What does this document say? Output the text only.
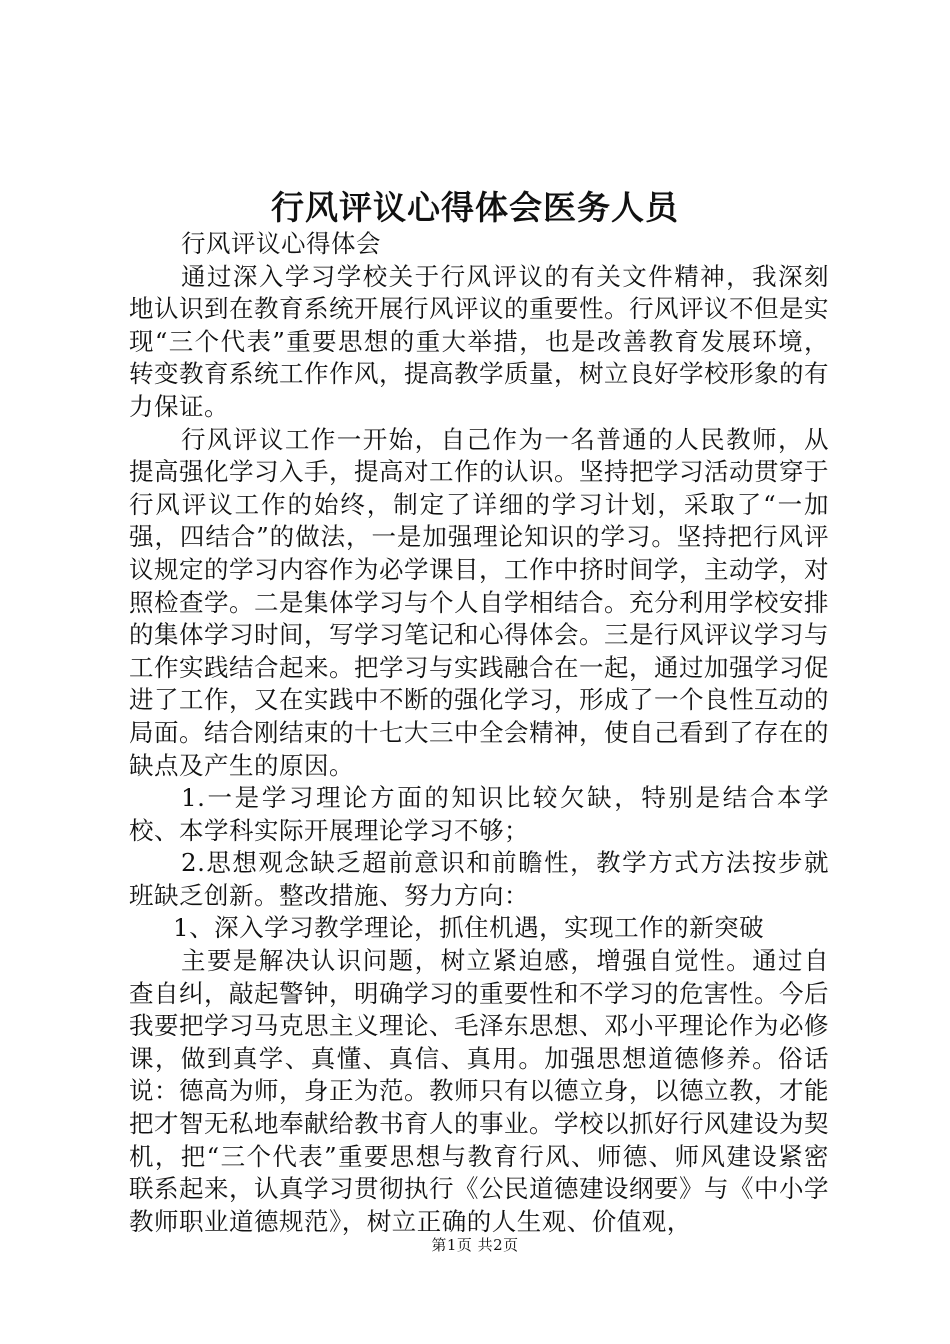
行风评议心得体会医务人员

行风评议心得体会

通过深入学习学校关于行风评议的有关文件精神，我深刻地认识到在教育系统开展行风评议的重要性。行风评议不但是实现“三个代表”重要思想的重大举措，也是改善教育发展环境，转变教育系统工作作风，提高教学质量，树立良好学校形象的有力保证。

行风评议工作一开始，自己作为一名普通的人民教师，从提高强化学习入手，提高对工作的认识。坚持把学习活动贯穿于行风评议工作的始终，制定了详细的学习计划，采取了“一加强，四结合”的做法，一是加强理论知识的学习。坚持把行风评议规定的学习内容作为必学课目，工作中挤时间学，主动学，对照检查学。二是集体学习与个人自学相结合。充分利用学校安排的集体学习时间，写学习笔记和心得体会。三是行风评议学习与工作实践结合起来。把学习与实践融合在一起，通过加强学习促进了工作，又在实践中不断的强化学习，形成了一个良性互动的局面。结合刚结束的十七大三中全会精神，使自己看到了存在的缺点及产生的原因。

1.一是学习理论方面的知识比较欠缺，特别是结合本学校、本学科实际开展理论学习不够；

2.思想观念缺乏超前意识和前瞻性，教学方式方法按步就班缺乏创新。整改措施、努力方向：

1、深入学习教学理论，抓住机遇，实现工作的新突破

主要是解决认识问题，树立紧迫感，增强自觉性。通过自查自纠，敲起警钟，明确学习的重要性和不学习的危害性。今后我要把学习马克思主义理论、毛泽东思想、邓小平理论作为必修课，做到真学、真懂、真信、真用。加强思想道德修养。俗话说：德高为师，身正为范。教师只有以德立身，以德立教，才能把才智无私地奉献给教书育人的事业。学校以抓好行风建设为契机，把“三个代表”重要思想与教育行风、师德、师风建设紧密联系起来，认真学习贯彻执行《公民道德建设纲要》与《中小学教师职业道德规范》，树立正确的人生观、价值观，

第1页 共2页
